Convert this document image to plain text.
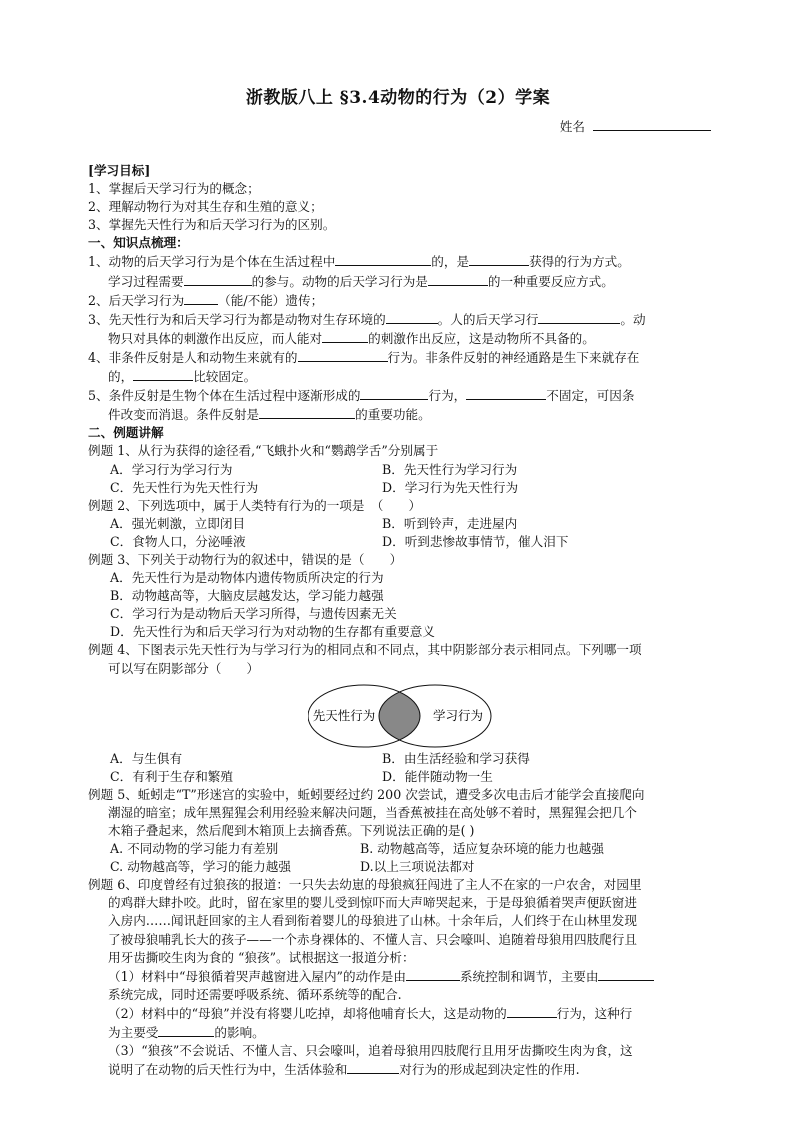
浙教版八上 §3.4动物的行为（2）学案
姓名
[学习目标]
1、掌握后天学习行为的概念；
2、理解动物行为对其生存和生殖的意义；
3、掌握先天性行为和后天学习行为的区别。
一、知识点梳理：
1、动物的后天学习行为是个体在生活过程中	的，是	获得的行为方式。
学习过程需要	的参与。动物的后天学习行为是	的一种重要反应方式。
2、后天学习行为	（能/不能）遗传；
3、先天性行为和后天学习行为都是动物对生存环境的	。人的后天学习行	。动
物只对具体的刺激作出反应，而人能对	的刺激作出反应，这是动物所不具备的。
4、非条件反射是人和动物生来就有的	行为。非条件反射的神经通路是生下来就存在
的，	比较固定。
5、条件反射是生物个体在生活过程中逐渐形成的	行为，	不固定，可因条
件改变而消退。条件反射是	的重要功能。
二、例题讲解
例题 1、从行为获得的途径看,“飞蛾扑火和“鹦鹉学舌”分别属于
A．学习行为学习行为	B．先天性行为学习行为
C．先天性行为先天性行为	D．学习行为先天性行为
例题 2、下列选项中，属于人类特有行为的一项是　（　　）
A．强光刺激，立即闭目	B．听到铃声，走进屋内
C．食物人口，分泌唾液	D．听到悲惨故事情节，催人泪下
例题 3、下列关于动物行为的叙述中，错误的是（　　）
A．先天性行为是动物体内遗传物质所决定的行为
B．动物越高等，大脑皮层越发达，学习能力越强
C．学习行为是动物后天学习所得，与遗传因素无关
D．先天性行为和后天学习行为对动物的生存都有重要意义
例题 4、下图表示先天性行为与学习行为的相同点和不同点，其中阴影部分表示相同点。下列哪一项
可以写在阴影部分（　　）
先天性行为	学习行为
A．与生俱有	B．由生活经验和学习获得
C．有利于生存和繁殖	D．能伴随动物一生
例题 5、蚯蚓走“T”形迷宫的实验中，蚯蚓要经过约 200 次尝试，遭受多次电击后才能学会直接爬向
潮湿的暗室；成年黑猩猩会利用经验来解决问题，当香蕉被挂在高处够不着时，黑猩猩会把几个
木箱子叠起来，然后爬到木箱顶上去摘香蕉。下列说法正确的是( )
A. 不同动物的学习能力有差别	B. 动物越高等，适应复杂环境的能力也越强
C. 动物越高等，学习的能力越强	D.以上三项说法都对
例题 6、印度曾经有过狼孩的报道：一只失去幼崽的母狼疯狂闯进了主人不在家的一户农舍，对园里
的鸡群大肆扑咬。此时，留在家里的婴儿受到惊吓而大声啼哭起来，于是母狼循着哭声便跃窗进
入房内……闻讯赶回家的主人看到衔着婴儿的母狼进了山林。十余年后，人们终于在山林里发现
了被母狼哺乳长大的孩子——一个赤身裸体的、不懂人言、只会嚎叫、追随着母狼用四肢爬行且
用牙齿撕咬生肉为食的 “狼孩”。试根据这一报道分析：
（1）材料中“母狼循着哭声越窗进入屋内”的动作是由	系统控制和调节，主要由
系统完成，同时还需要呼吸系统、循环系统等的配合.
（2）材料中的“母狼”并没有将婴儿吃掉，却将他哺育长大，这是动物的	行为，这种行
为主要受	的影响。
（3）“狼孩”不会说话、不懂人言、只会嚎叫，追着母狼用四肢爬行且用牙齿撕咬生肉为食，这
说明了在动物的后天性行为中，生活体验和	对行为的形成起到决定性的作用.
